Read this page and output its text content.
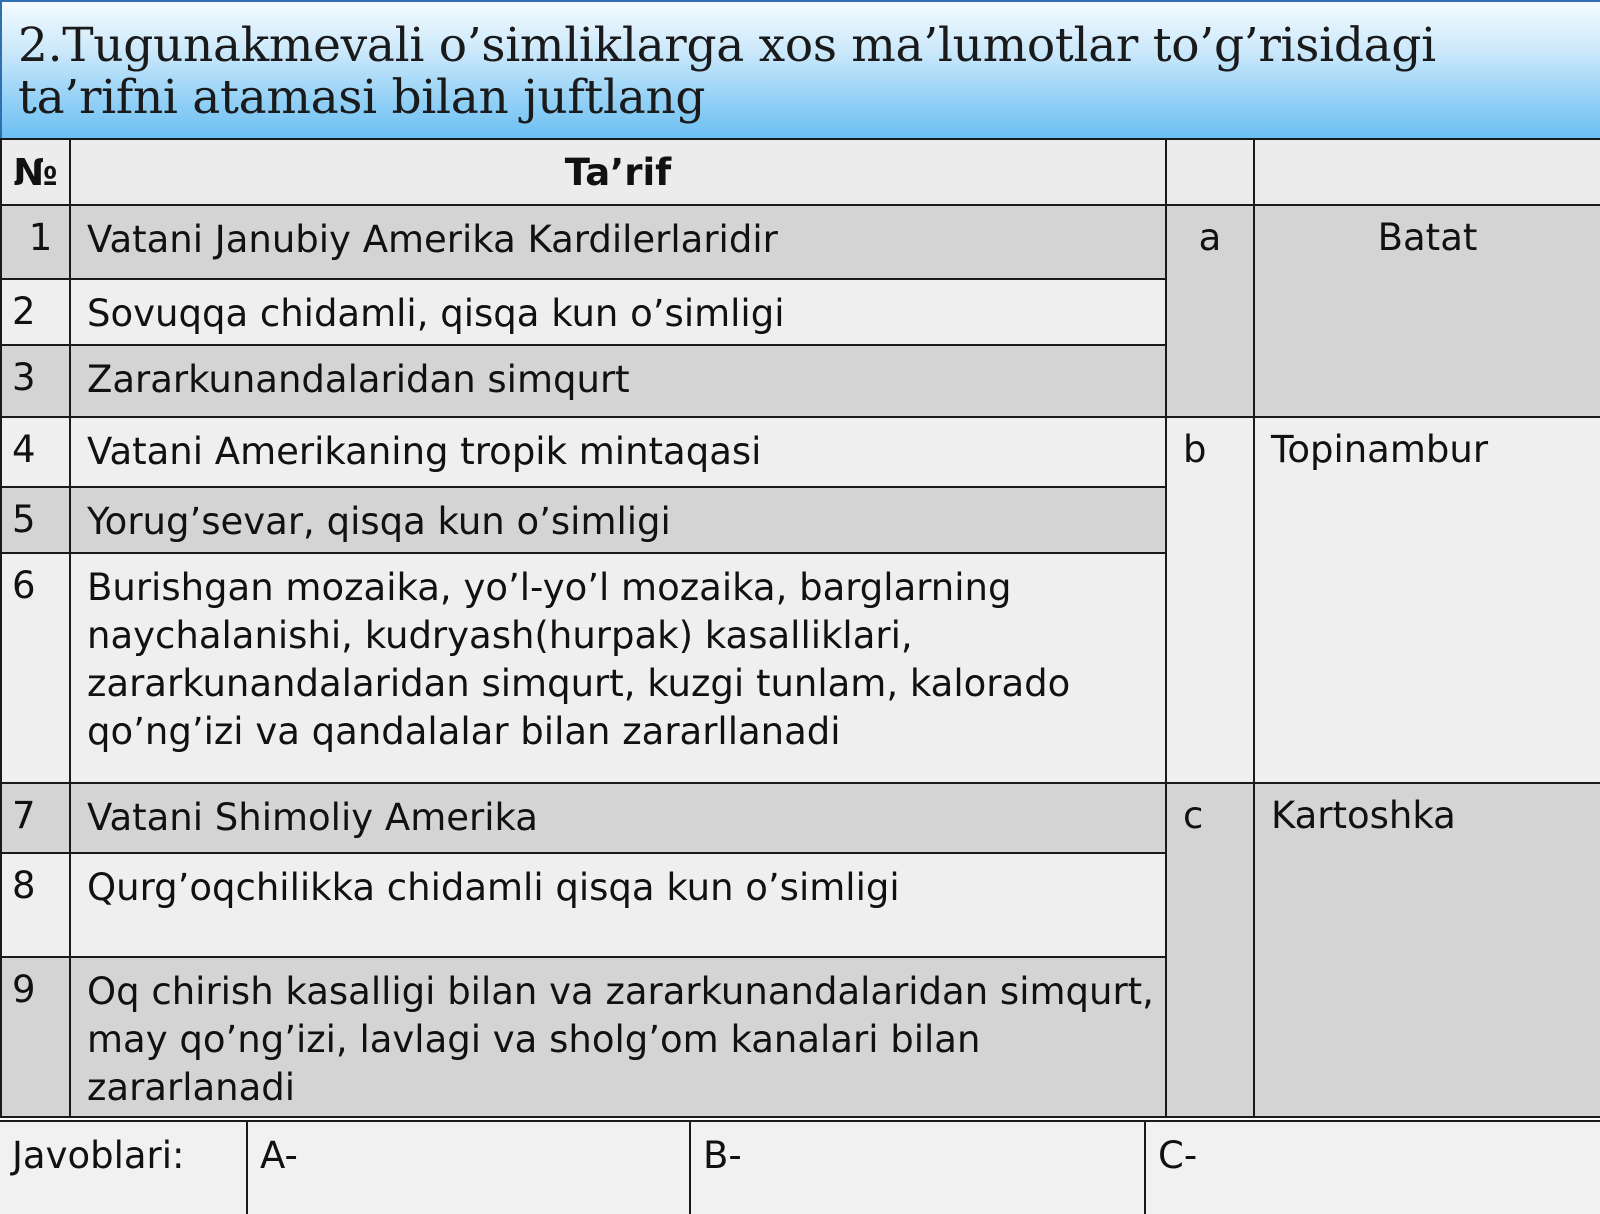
2.Tugunakmevali o’simliklarga xos ma’lumotlar to’g’risidagi ta’rifni atamasi bilan juftlang
№	Ta’rif		
1	Vatani Janubiy Amerika Kardilerlaridir	a	Batat
2	Sovuqqa chidamli, qisqa kun o’simligi		
3	Zararkunandalaridan simqurt		
4	Vatani Amerikaning tropik mintaqasi	b	Topinambur
5	Yorug’sevar, qisqa kun o’simligi		
6	Burishgan mozaika, yo’l-yo’l mozaika, barglarning naychalanishi, kudryash(hurpak) kasalliklari, zararkunandalaridan simqurt, kuzgi tunlam, kalorado qo’ng’izi va qandalalar bilan zararllanadi		
7	Vatani Shimoliy Amerika	c	Kartoshka
8	Qurg’oqchilikka chidamli qisqa kun o’simligi		
9	Oq chirish kasalligi bilan va zararkunandalaridan simqurt, may qo’ng’izi, lavlagi va sholg’om kanalari bilan zararlanadi		
Javoblari:	A-	B-	C-
